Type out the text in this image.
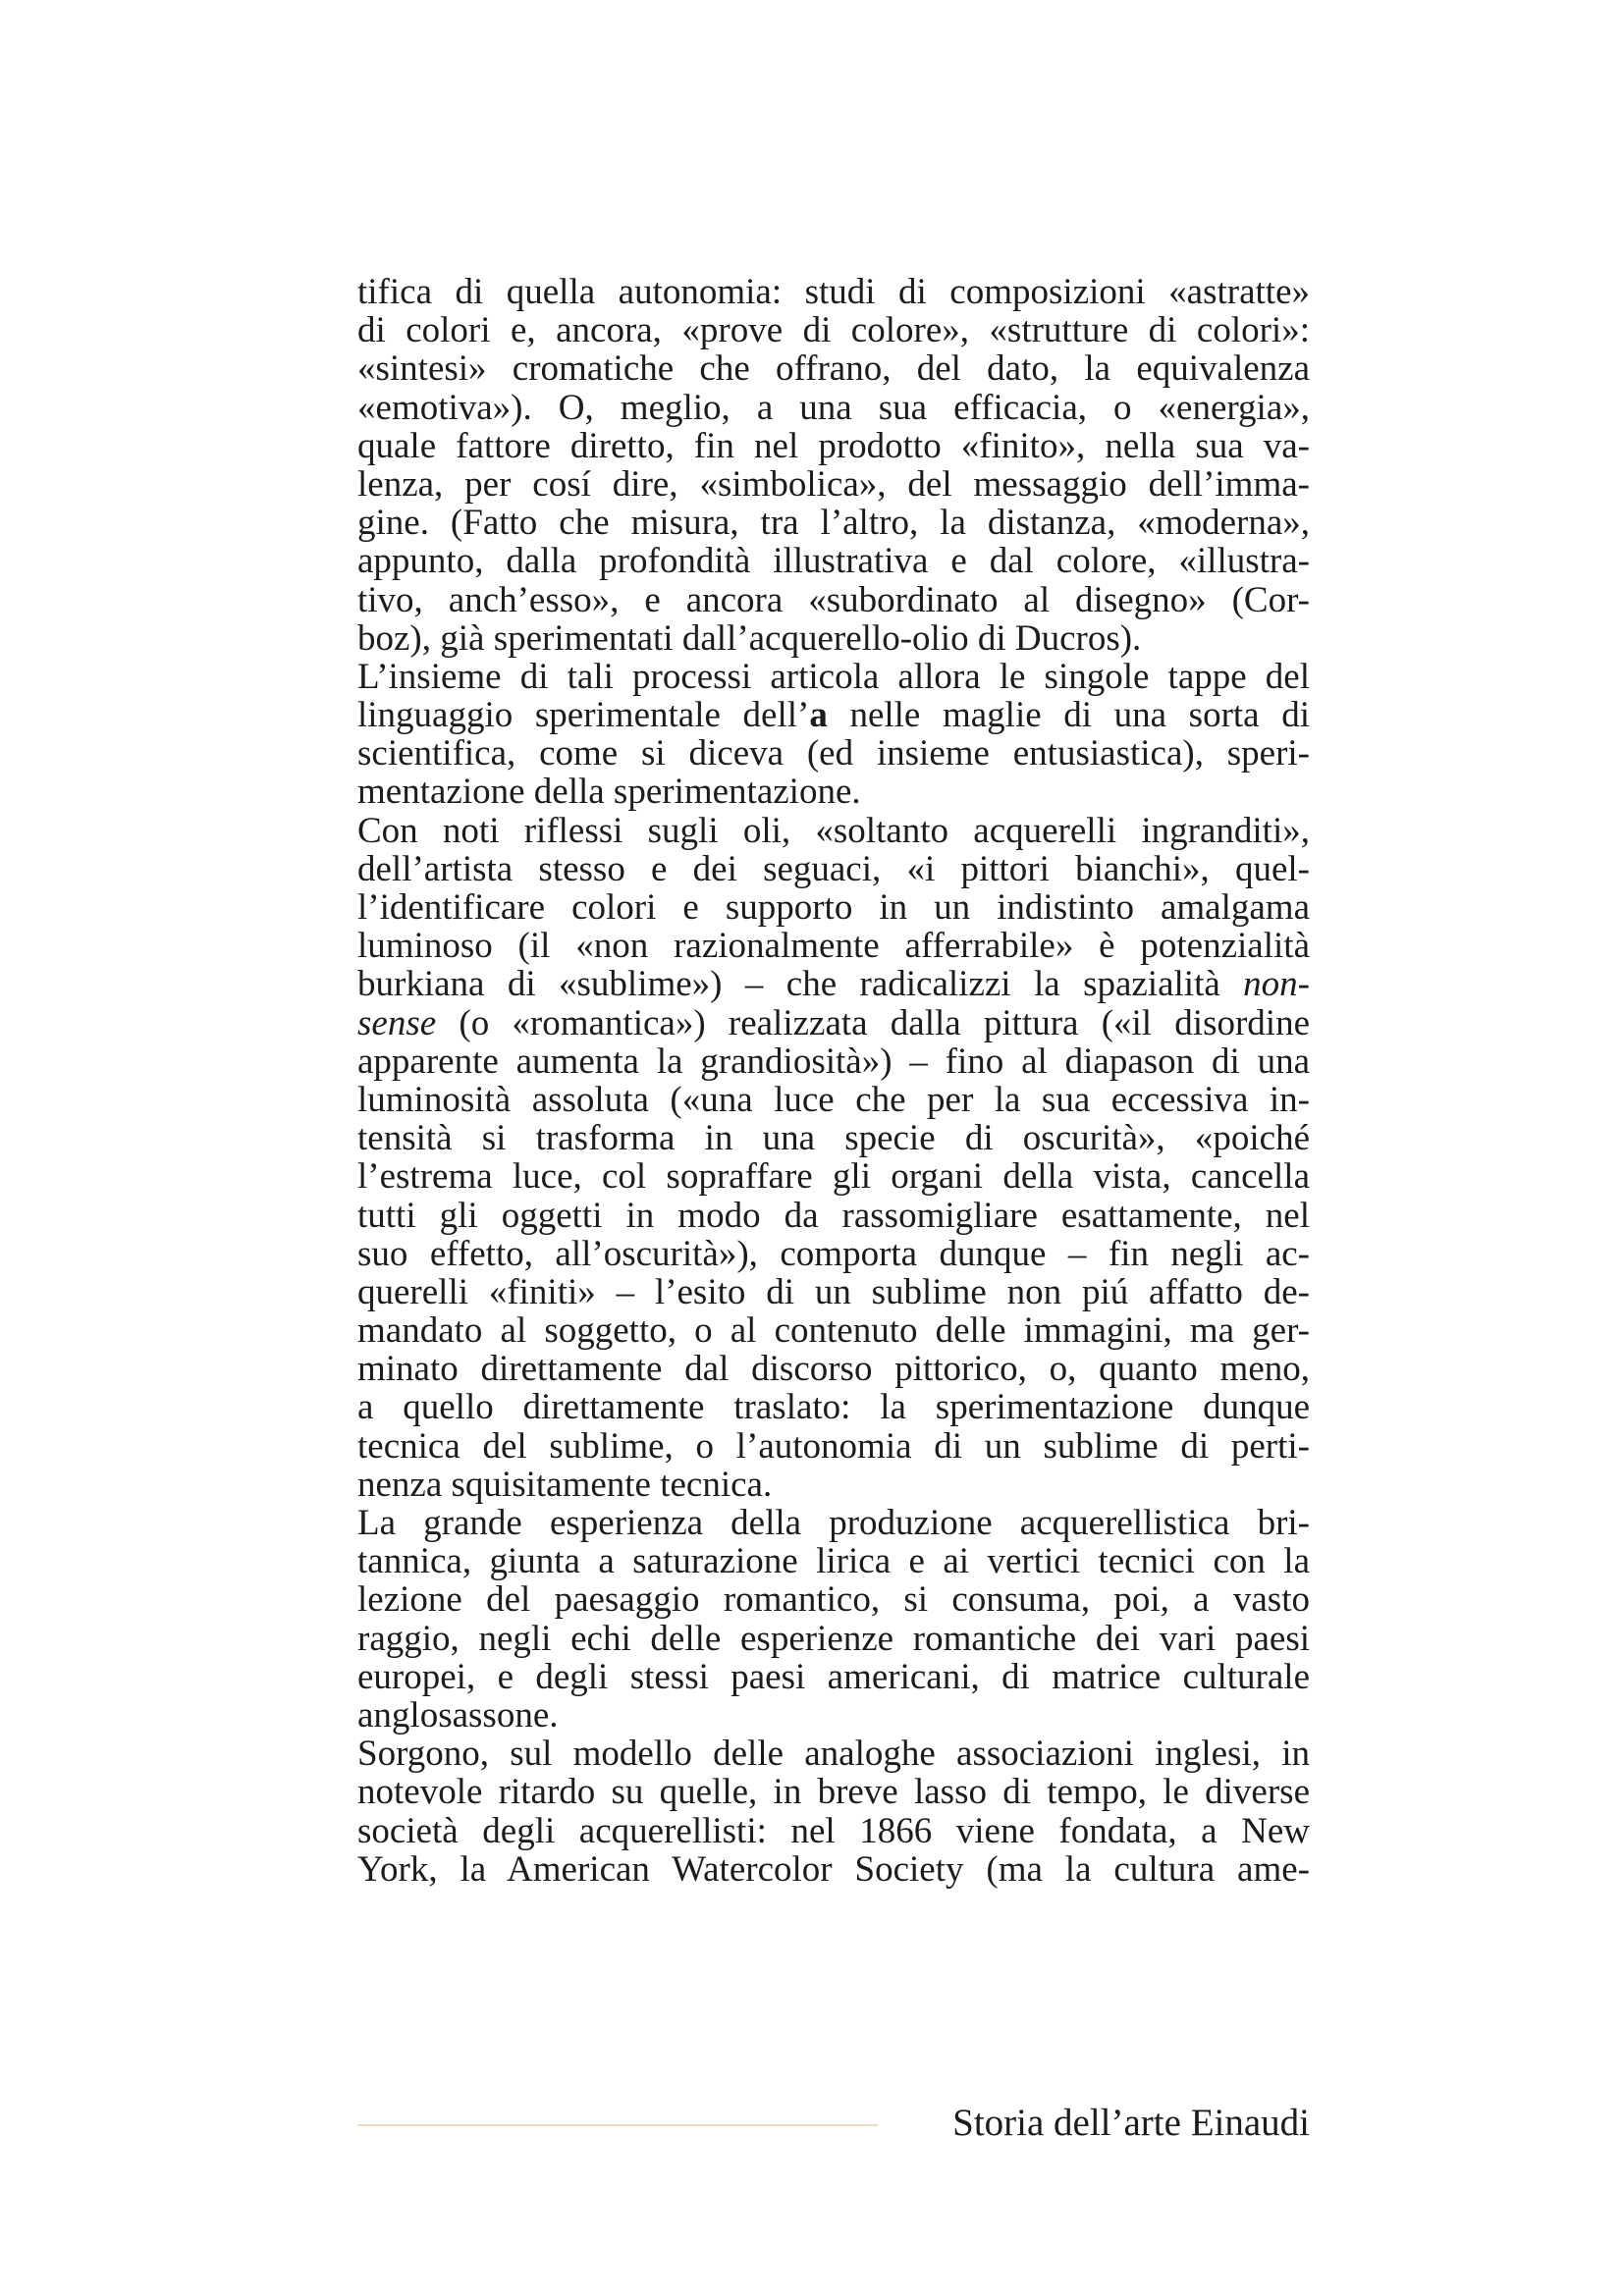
tifica di quella autonomia: studi di composizioni «astratte»
di colori e, ancora, «prove di colore», «strutture di colori»:
«sintesi» cromatiche che offrano, del dato, la equivalenza
«emotiva»). O, meglio, a una sua efficacia, o «energia»,
quale fattore diretto, fin nel prodotto «finito», nella sua va-
lenza, per cosí dire, «simbolica», del messaggio dell’imma-
gine. (Fatto che misura, tra l’altro, la distanza, «moderna»,
appunto, dalla profondità illustrativa e dal colore, «illustra-
tivo, anch’esso», e ancora «subordinato al disegno» (Cor-
boz), già sperimentati dall’acquerello-olio di Ducros).
L’insieme di tali processi articola allora le singole tappe del
linguaggio sperimentale dell’a nelle maglie di una sorta di
scientifica, come si diceva (ed insieme entusiastica), speri-
mentazione della sperimentazione.
Con noti riflessi sugli oli, «soltanto acquerelli ingranditi»,
dell’artista stesso e dei seguaci, «i pittori bianchi», quel-
l’identificare colori e supporto in un indistinto amalgama
luminoso (il «non razionalmente afferrabile» è potenzialità
burkiana di «sublime») – che radicalizzi la spazialità non-
sense (o «romantica») realizzata dalla pittura («il disordine
apparente aumenta la grandiosità») – fino al diapason di una
luminosità assoluta («una luce che per la sua eccessiva in-
tensità si trasforma in una specie di oscurità», «poiché
l’estrema luce, col sopraffare gli organi della vista, cancella
tutti gli oggetti in modo da rassomigliare esattamente, nel
suo effetto, all’oscurità»), comporta dunque – fin negli ac-
querelli «finiti» – l’esito di un sublime non piú affatto de-
mandato al soggetto, o al contenuto delle immagini, ma ger-
minato direttamente dal discorso pittorico, o, quanto meno,
a quello direttamente traslato: la sperimentazione dunque
tecnica del sublime, o l’autonomia di un sublime di perti-
nenza squisitamente tecnica.
La grande esperienza della produzione acquerellistica bri-
tannica, giunta a saturazione lirica e ai vertici tecnici con la
lezione del paesaggio romantico, si consuma, poi, a vasto
raggio, negli echi delle esperienze romantiche dei vari paesi
europei, e degli stessi paesi americani, di matrice culturale
anglosassone.
Sorgono, sul modello delle analoghe associazioni inglesi, in
notevole ritardo su quelle, in breve lasso di tempo, le diverse
società degli acquerellisti: nel 1866 viene fondata, a New
York, la American Watercolor Society (ma la cultura ame-
Storia dell’arte Einaudi
